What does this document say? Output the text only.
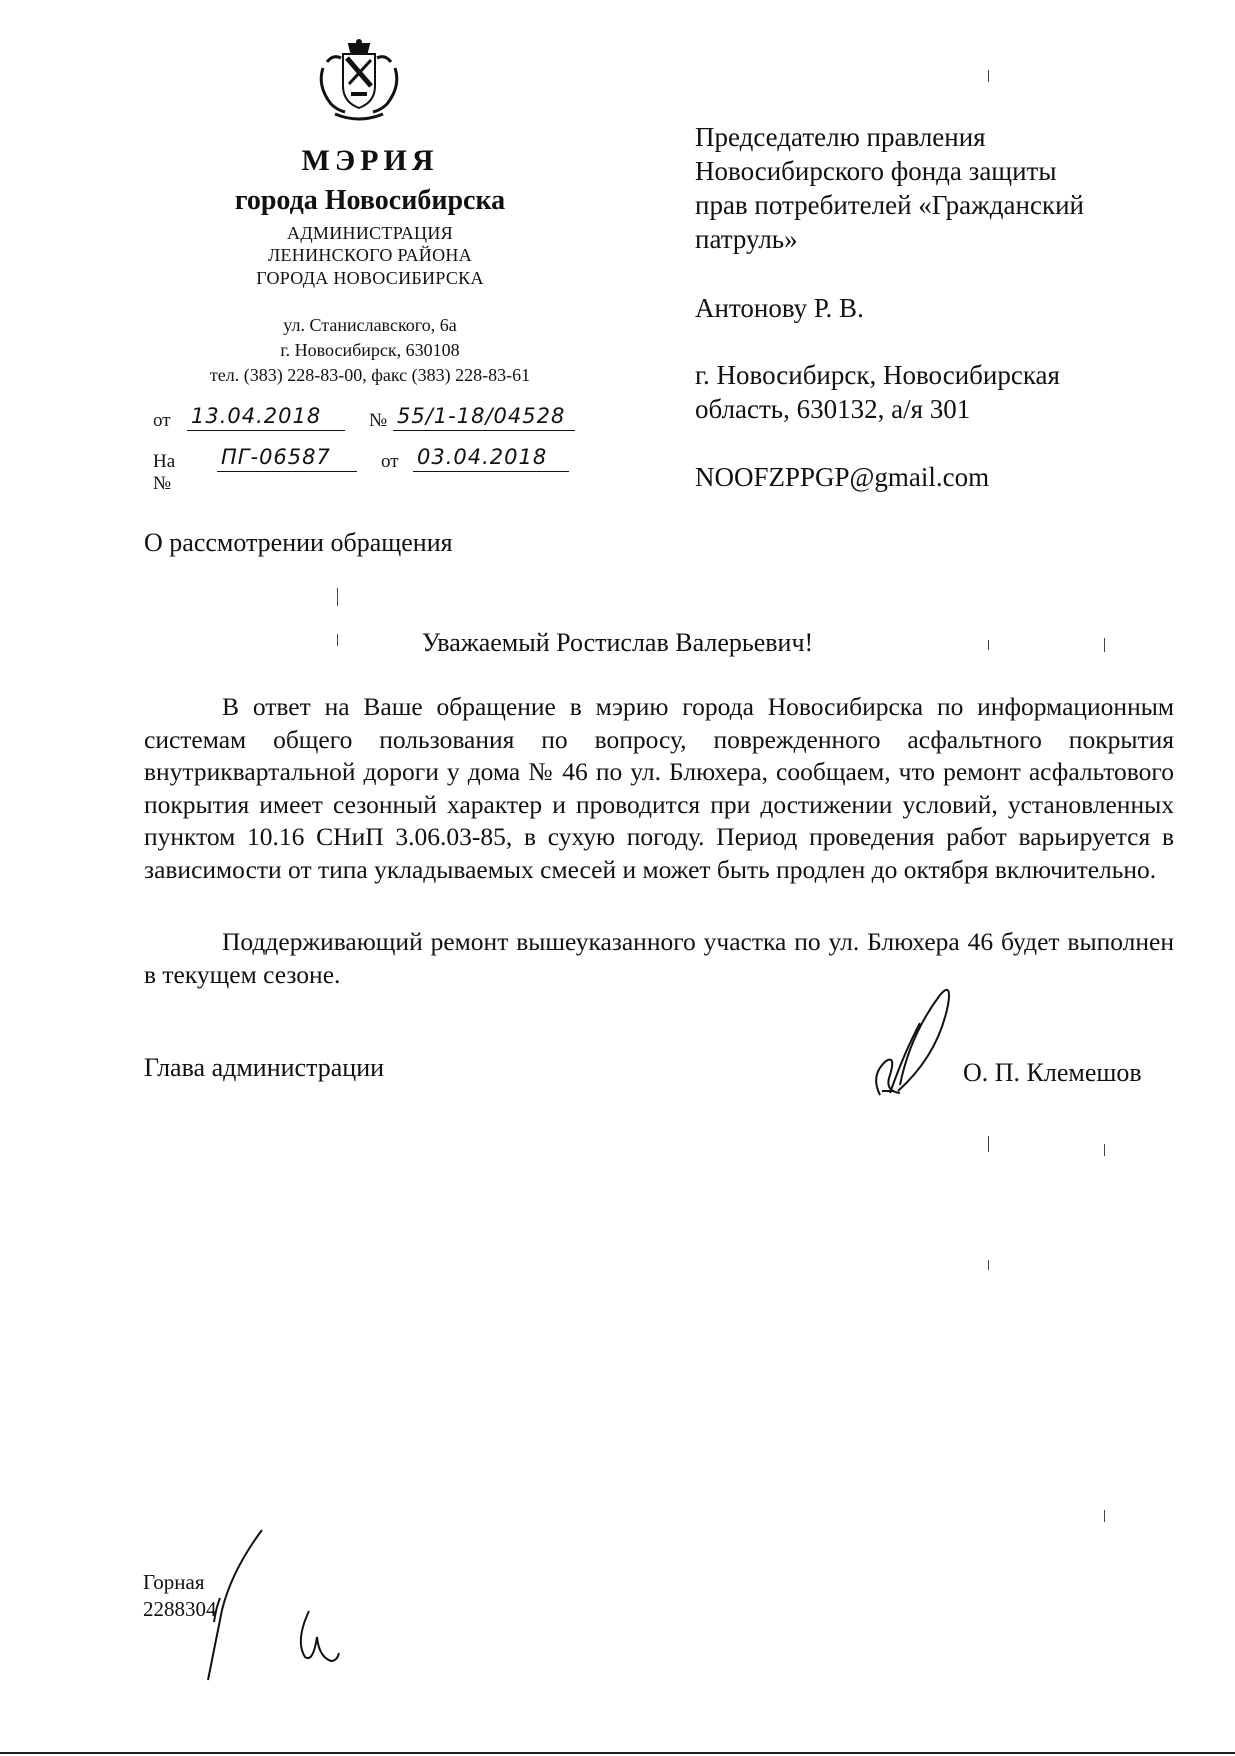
МЭРИЯ
города Новосибирска
АДМИНИСТРАЦИЯ
ЛЕНИНСКОГО РАЙОНА
ГОРОДА НОВОСИБИРСКА
ул. Станиславского, 6а
г. Новосибирск, 630108
тел. (383) 228-83-00, факс (383) 228-83-61
от 13.04.2018	№ 55/1-18/04528
На №
ПГ-06587	от 03.04.2018
Председателю правления
Новосибирского фонда защиты
прав потребителей «Гражданский
патруль»
Антонову Р. В.
г. Новосибирск, Новосибирская
область, 630132, а/я 301
NOOFZPPGP@gmail.com
О рассмотрении обращения
Уважаемый Ростислав Валерьевич!
В ответ на Ваше обращение в мэрию города Новосибирска по информационным системам общего пользования по вопросу, поврежденного асфальтного покрытия внутриквартальной дороги у дома № 46 по ул. Блюхера, сообщаем, что ремонт асфальтового покрытия имеет сезонный характер и проводится при достижении условий, установленных пунктом 10.16 СНиП 3.06.03-85, в сухую погоду. Период проведения работ варьируется в зависимости от типа укладываемых смесей и может быть продлен до октября включительно.
Поддерживающий ремонт вышеуказанного участка по ул. Блюхера 46 будет выполнен в текущем сезоне.
Глава администрации	О. П. Клемешов
Горная
2288304
